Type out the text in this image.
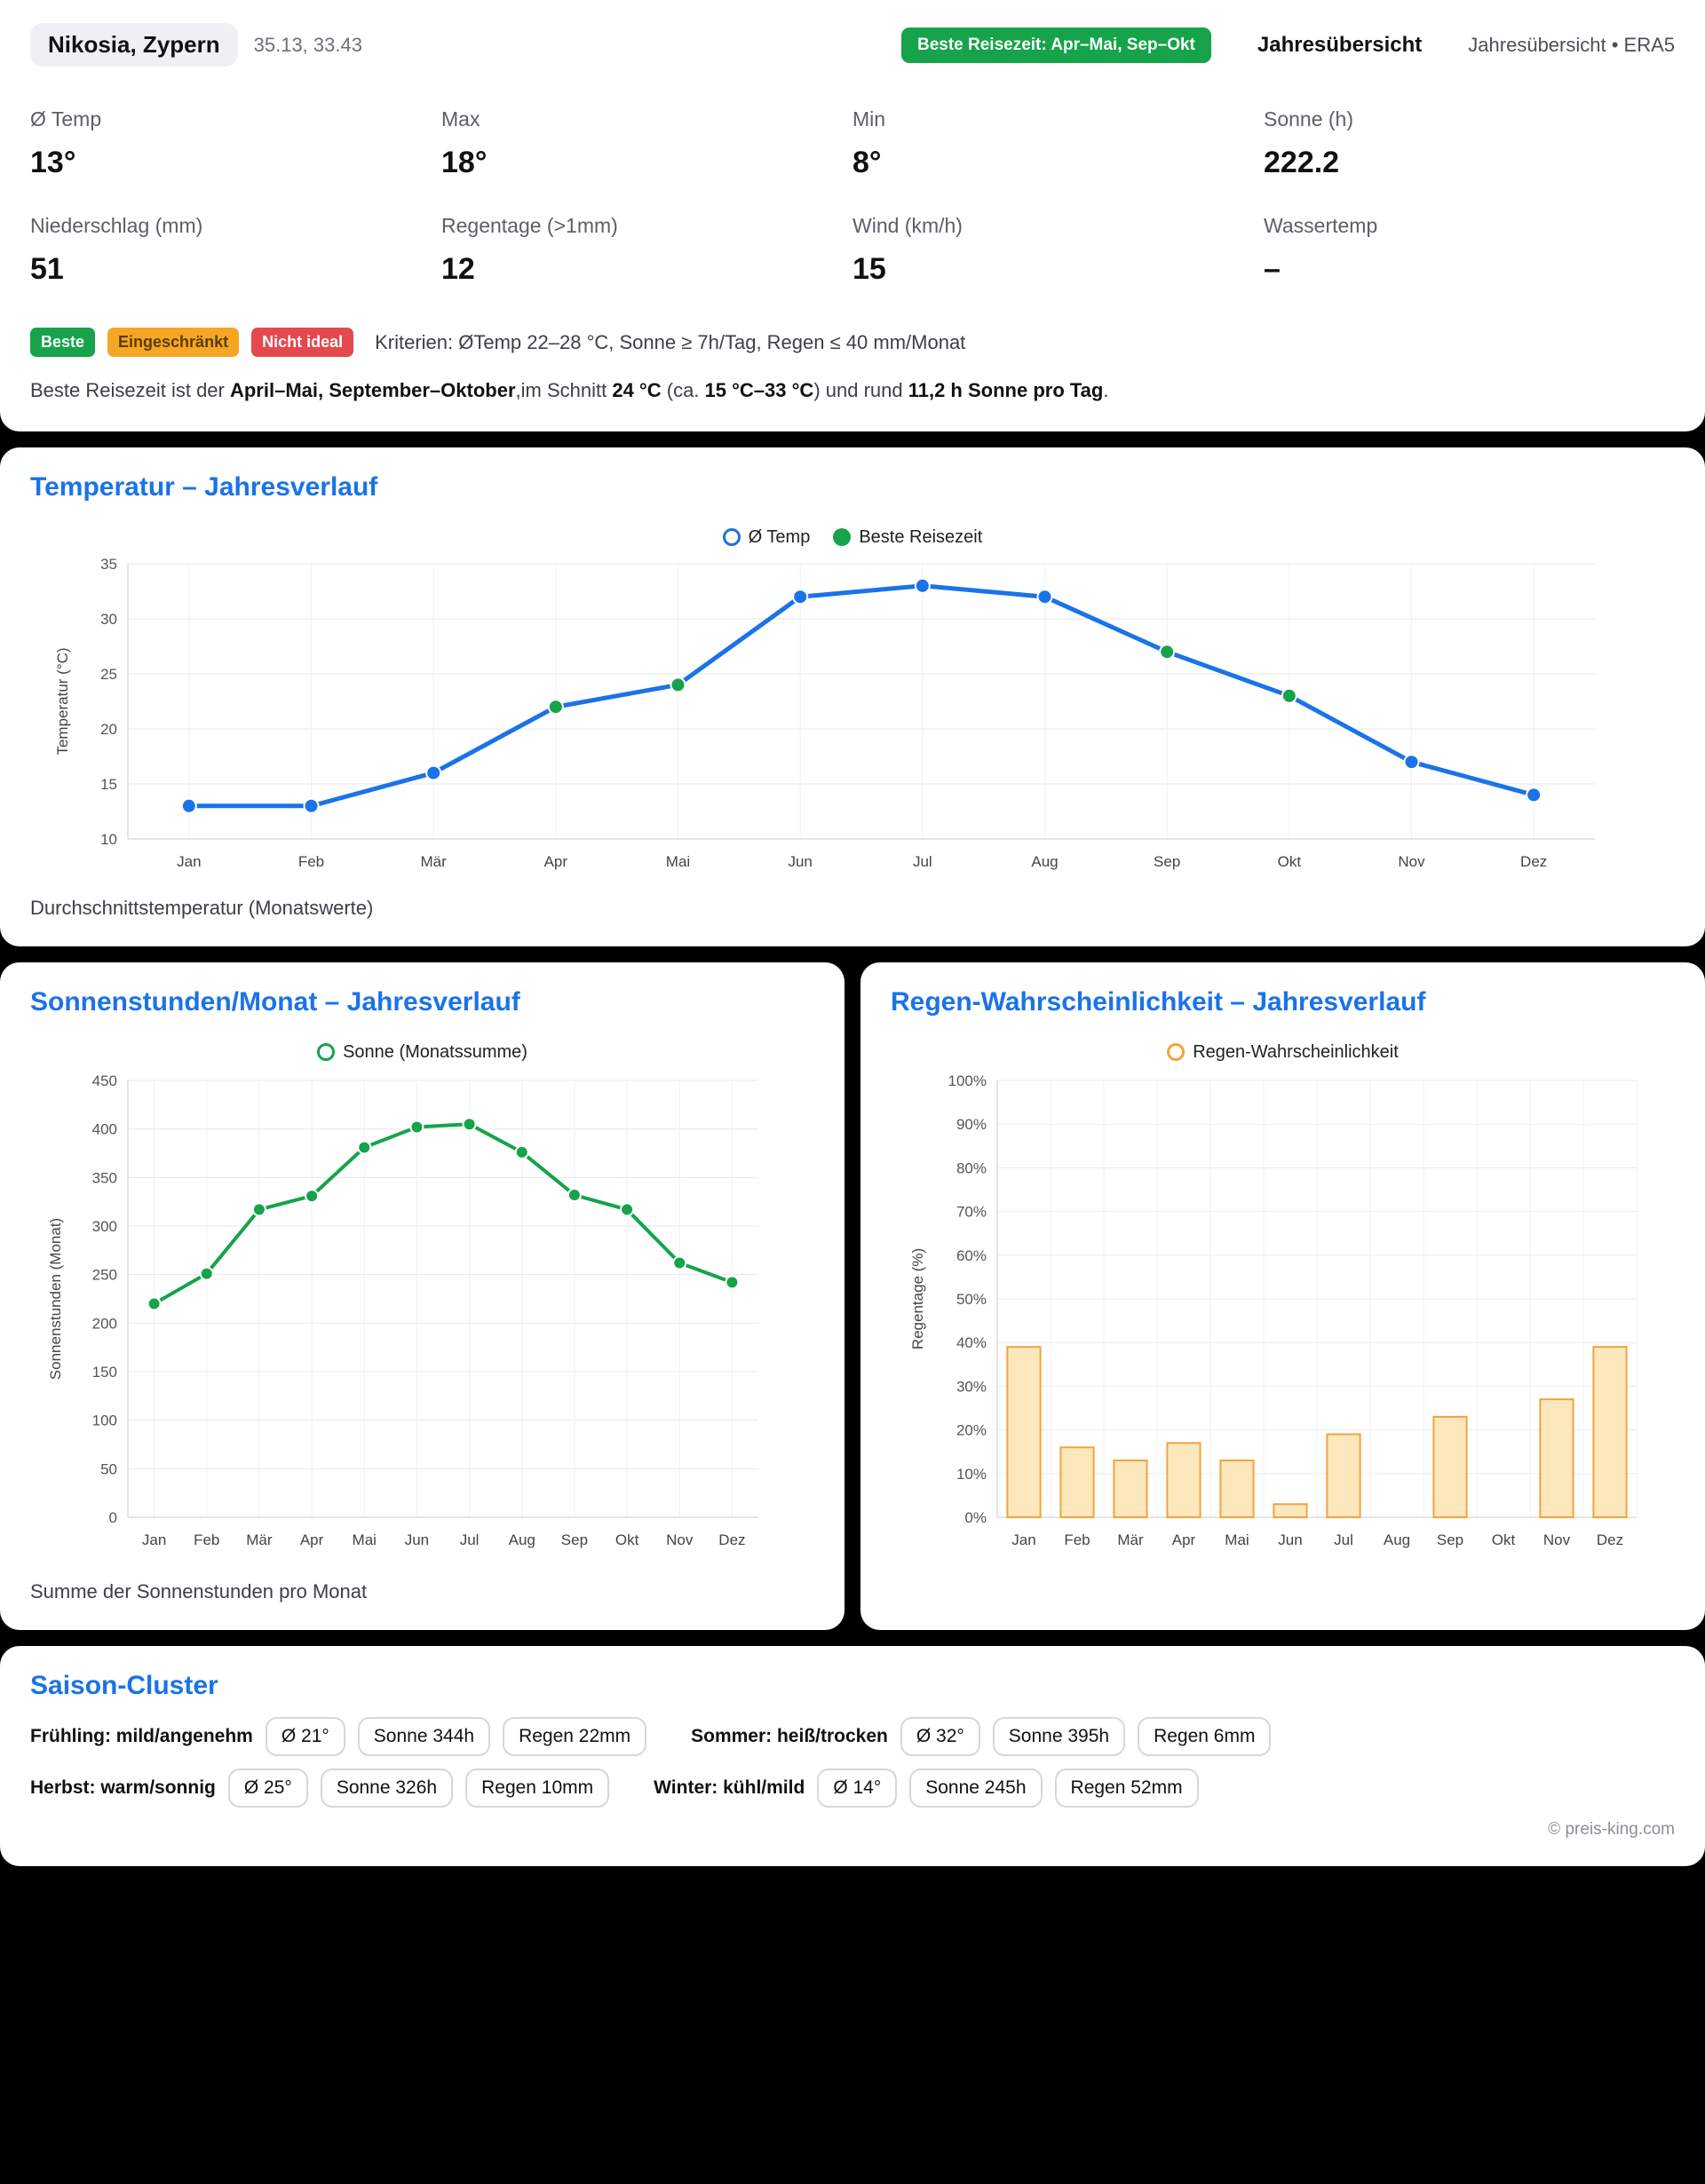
Nikosia, Zypern	35.13, 33.43	Beste Reisezeit: Apr–Mai, Sep–Okt	Jahresübersicht Jahresübersicht • ERA5
Ø Temp	Max	Min	Sonne (h)
13°	18°	8°	222.2
Niederschlag (mm)	Regentage (>1mm)	Wind (km/h)	Wassertemp
51	12	15	–
Beste	Eingeschränkt	Nicht ideal	Kriterien: ØTemp 22–28 °C, Sonne ≥ 7h/Tag, Regen ≤ 40 mm/Monat
Beste Reisezeit ist der April–Mai, September–Oktober,im Schnitt 24 °C (ca. 15 °C–33 °C) und rund 11,2 h Sonne pro Tag.
Temperatur – Jahresverlauf
Ø Temp	Beste Reisezeit
10
15
20
25
30
35
Jan	Feb	Mär	Apr	Mai	Jun	Jul	Aug	Sep	Okt	Nov	Dez
Temperatur (°C)
Durchschnittstemperatur (Monatswerte)
Sonnenstunden/Monat – Jahresverlauf
Sonne (Monatssumme)
0
50
100
150
200
250
300
350
400
450
Jan Feb Mär Apr Mai Jun Jul Aug Sep Okt Nov Dez
Sonnenstunden (Monat)
Summe der Sonnenstunden pro Monat
Regen-Wahrscheinlichkeit – Jahresverlauf
Regen-Wahrscheinlichkeit
0%
10%
20%
30%
40%
50%
60%
70%
80%
90%
100%
Jan Feb Mär Apr Mai Jun Jul Aug Sep Okt Nov Dez
Regentage (%)
Saison-Cluster
Frühling: mild/angenehm	Ø 21°	Sonne 344h	Regen 22mm	Sommer: heiß/trocken	Ø 32°	Sonne 395h	Regen 6mm
Herbst: warm/sonnig	Ø 25°	Sonne 326h	Regen 10mm	Winter: kühl/mild	Ø 14°	Sonne 245h	Regen 52mm
© preis-king.com
